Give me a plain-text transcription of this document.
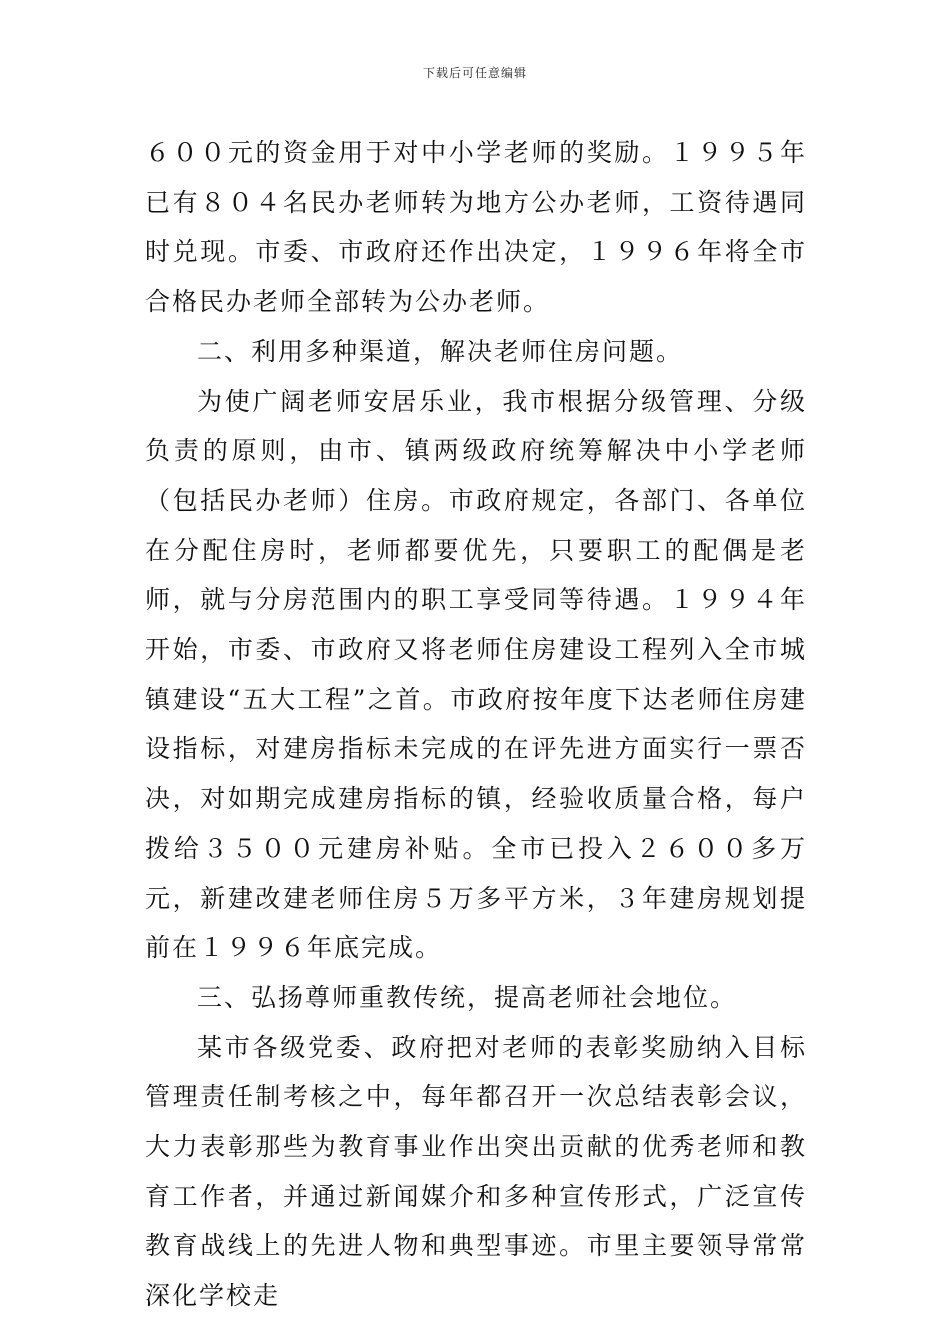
下载后可任意编辑

６００元的资金用于对中小学老师的奖励。１９９５年已有８０４名民办老师转为地方公办老师，工资待遇同时兑现。市委、市政府还作出决定，１９９６年将全市合格民办老师全部转为公办老师。

二、利用多种渠道，解决老师住房问题。

为使广阔老师安居乐业，我市根据分级管理、分级负责的原则，由市、镇两级政府统筹解决中小学老师（包括民办老师）住房。市政府规定，各部门、各单位在分配住房时，老师都要优先，只要职工的配偶是老师，就与分房范围内的职工享受同等待遇。１９９４年开始，市委、市政府又将老师住房建设工程列入全市城镇建设“五大工程”之首。市政府按年度下达老师住房建设指标，对建房指标未完成的在评先进方面实行一票否决，对如期完成建房指标的镇，经验收质量合格，每户拨给３５００元建房补贴。全市已投入２６００多万元，新建改建老师住房５万多平方米，３年建房规划提前在１９９６年底完成。

三、弘扬尊师重教传统，提高老师社会地位。

某市各级党委、政府把对老师的表彰奖励纳入目标管理责任制考核之中，每年都召开一次总结表彰会议，大力表彰那些为教育事业作出突出贡献的优秀老师和教育工作者，并通过新闻媒介和多种宣传形式，广泛宣传教育战线上的先进人物和典型事迹。市里主要领导常常深化学校走
